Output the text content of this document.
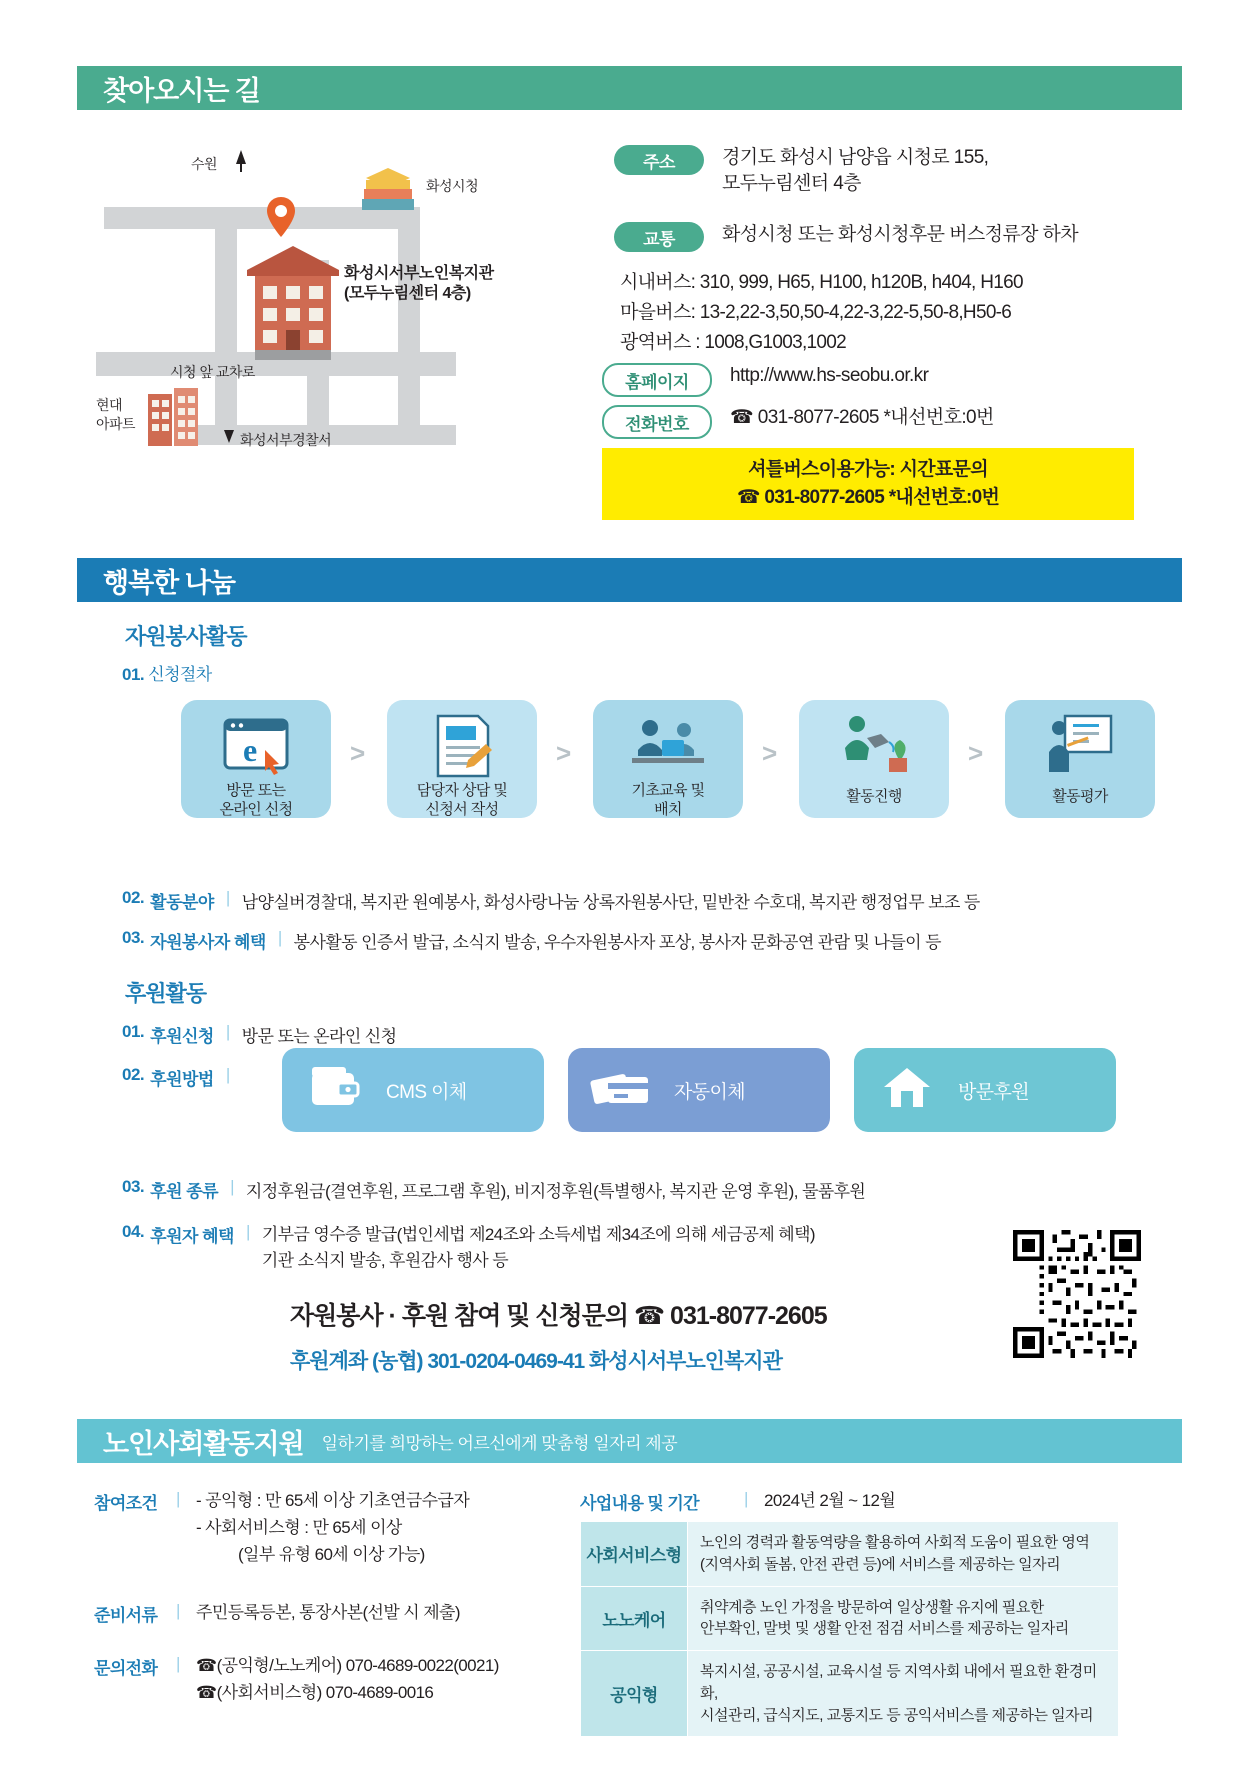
찾아오시는 길
수원
화성시청
화성시서부노인복지관
(모두누림센터 4층)
시청 앞 교차로
현대
아파트
화성서부경찰서
주소	경기도 화성시 남양읍 시청로 155,
모두누림센터 4층
교통	화성시청 또는 화성시청후문 버스정류장 하차
시내버스: 310, 999, H65, H100, h120B, h404, H160
마을버스: 13-2,22-3,50,50-4,22-3,22-5,50-8,H50-6
광역버스 : 1008,G1003,1002
홈페이지	http://www.hs-seobu.or.kr
전화번호	☎ 031-8077-2605 *내선번호:0번
셔틀버스이용가능: 시간표문의
☎ 031-8077-2605 *내선번호:0번
행복한 나눔
자원봉사활동
01. 신청절차
e
방문 또는
온라인 신청
>
담당자 상담 및
신청서 작성
>
기초교육 및
배치
>
활동진행
>
활동평가
02. 활동분야 | 남양실버경찰대, 복지관 원예봉사, 화성사랑나눔 상록자원봉사단, 밑반찬 수호대, 복지관 행정업무 보조 등
03. 자원봉사자 혜택 | 봉사활동 인증서 발급, 소식지 발송, 우수자원봉사자 포상, 봉사자 문화공연 관람 및 나들이 등
후원활동
01. 후원신청 | 방문 또는 온라인 신청
02. 후원방법 |
CMS 이체	자동이체	방문후원
03. 후원 종류 | 지정후원금(결연후원, 프로그램 후원), 비지정후원(특별행사, 복지관 운영 후원), 물품후원
04. 후원자 혜택 | 기부금 영수증 발급(법인세법 제24조와 소득세법 제34조에 의해 세금공제 혜택)
기관 소식지 발송, 후원감사 행사 등
자원봉사 · 후원 참여 및 신청문의 ☎ 031-8077-2605
후원계좌 (농협) 301-0204-0469-41 화성시서부노인복지관
노인사회활동지원 일하기를 희망하는 어르신에게 맞춤형 일자리 제공
참여조건 | - 공익형 : 만 65세 이상 기초연금수급자
- 사회서비스형 : 만 65세 이상
(일부 유형 60세 이상 가능)
준비서류 | 주민등록등본, 통장사본(선발 시 제출)
문의전화 | ☎(공익형/노노케어) 070-4689-0022(0021)
☎(사회서비스형) 070-4689-0016
사업내용 및 기간	| 2024년 2월 ~ 12월
사회서비스형	노인의 경력과 활동역량을 활용하여 사회적 도움이 필요한 영역
(지역사회 돌봄, 안전 관련 등)에 서비스를 제공하는 일자리
노노케어	취약계층 노인 가정을 방문하여 일상생활 유지에 필요한
안부확인, 말벗 및 생활 안전 점검 서비스를 제공하는 일자리
공익형	복지시설, 공공시설, 교육시설 등 지역사회 내에서 필요한 환경미화,
시설관리, 급식지도, 교통지도 등 공익서비스를 제공하는 일자리
